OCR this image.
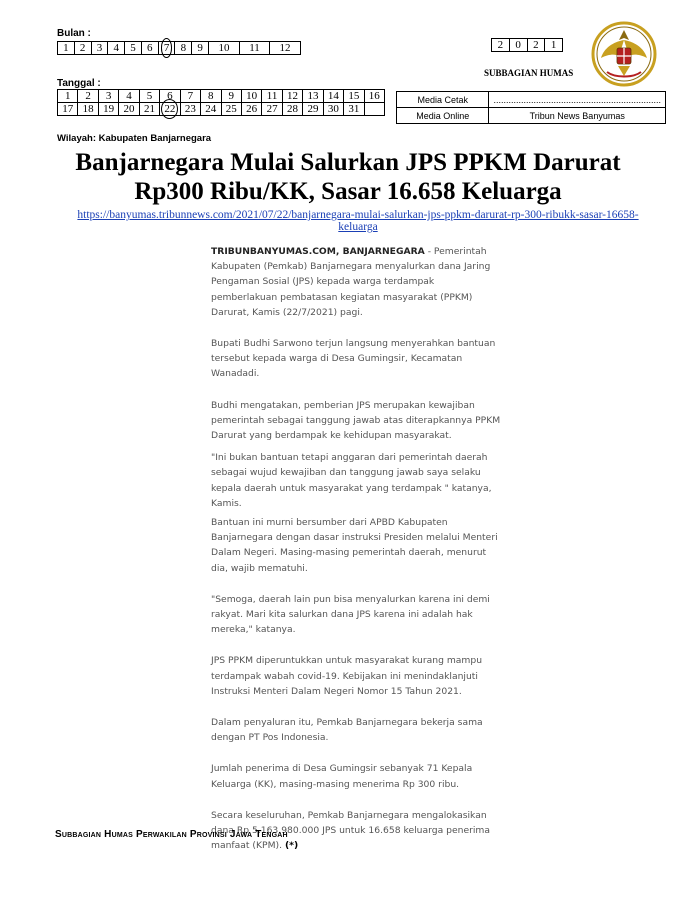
Bulan :
1	2	3	4	5	6	7	8	9	10	11	12	2	0	2	1
SUBBAGIAN HUMAS
Tanggal :
1	2	3	4	5	6	7	8	9	10	11	12	13	14	15	16
17	18	19	20	21	22	23	24	25	26	27	28	29	30	31	
Media Cetak	...................................................................
Media Online	Tribun News Banyumas
Wilayah: Kabupaten Banjarnegara
Banjarnegara Mulai Salurkan JPS PPKM Darurat
Rp300 Ribu/KK, Sasar 16.658 Keluarga
https://banyumas.tribunnews.com/2021/07/22/banjarnegara-mulai-salurkan-jps-ppkm-darurat-rp-300-ribukk-sasar-16658-
keluarga

TRIBUNBANYUMAS.COM, BANJARNEGARA - Pemerintah Kabupaten (Pemkab) Banjarnegara menyalurkan dana Jaring Pengaman Sosial (JPS) kepada warga terdampak pemberlakuan pembatasan kegiatan masyarakat (PPKM) Darurat, Kamis (22/7/2021) pagi.

Bupati Budhi Sarwono terjun langsung menyerahkan bantuan tersebut kepada warga di Desa Gumingsir, Kecamatan Wanadadi.

Budhi mengatakan, pemberian JPS merupakan kewajiban pemerintah sebagai tanggung jawab atas diterapkannya PPKM Darurat yang berdampak ke kehidupan masyarakat.

"Ini bukan bantuan tetapi anggaran dari pemerintah daerah sebagai wujud kewajiban dan tanggung jawab saya selaku kepala daerah untuk masyarakat yang terdampak " katanya, Kamis.

Bantuan ini murni bersumber dari APBD Kabupaten Banjarnegara dengan dasar instruksi Presiden melalui Menteri Dalam Negeri. Masing-masing pemerintah daerah, menurut dia, wajib mematuhi.

"Semoga, daerah lain pun bisa menyalurkan karena ini demi rakyat. Mari kita salurkan dana JPS karena ini adalah hak mereka," katanya.

JPS PPKM diperuntukkan untuk masyarakat kurang mampu terdampak wabah covid-19. Kebijakan ini menindaklanjuti Instruksi Menteri Dalam Negeri Nomor 15 Tahun 2021.

Dalam penyaluran itu, Pemkab Banjarnegara bekerja sama dengan PT Pos Indonesia.

Jumlah penerima di Desa Gumingsir sebanyak 71 Kepala Keluarga (KK), masing-masing menerima Rp 300 ribu.

Secara keseluruhan, Pemkab Banjarnegara mengalokasikan dana Rp 5.163.980.000 JPS untuk 16.658 keluarga penerima manfaat (KPM). (*)

Subbagian Humas Perwakilan Provinsi Jawa Tengah
